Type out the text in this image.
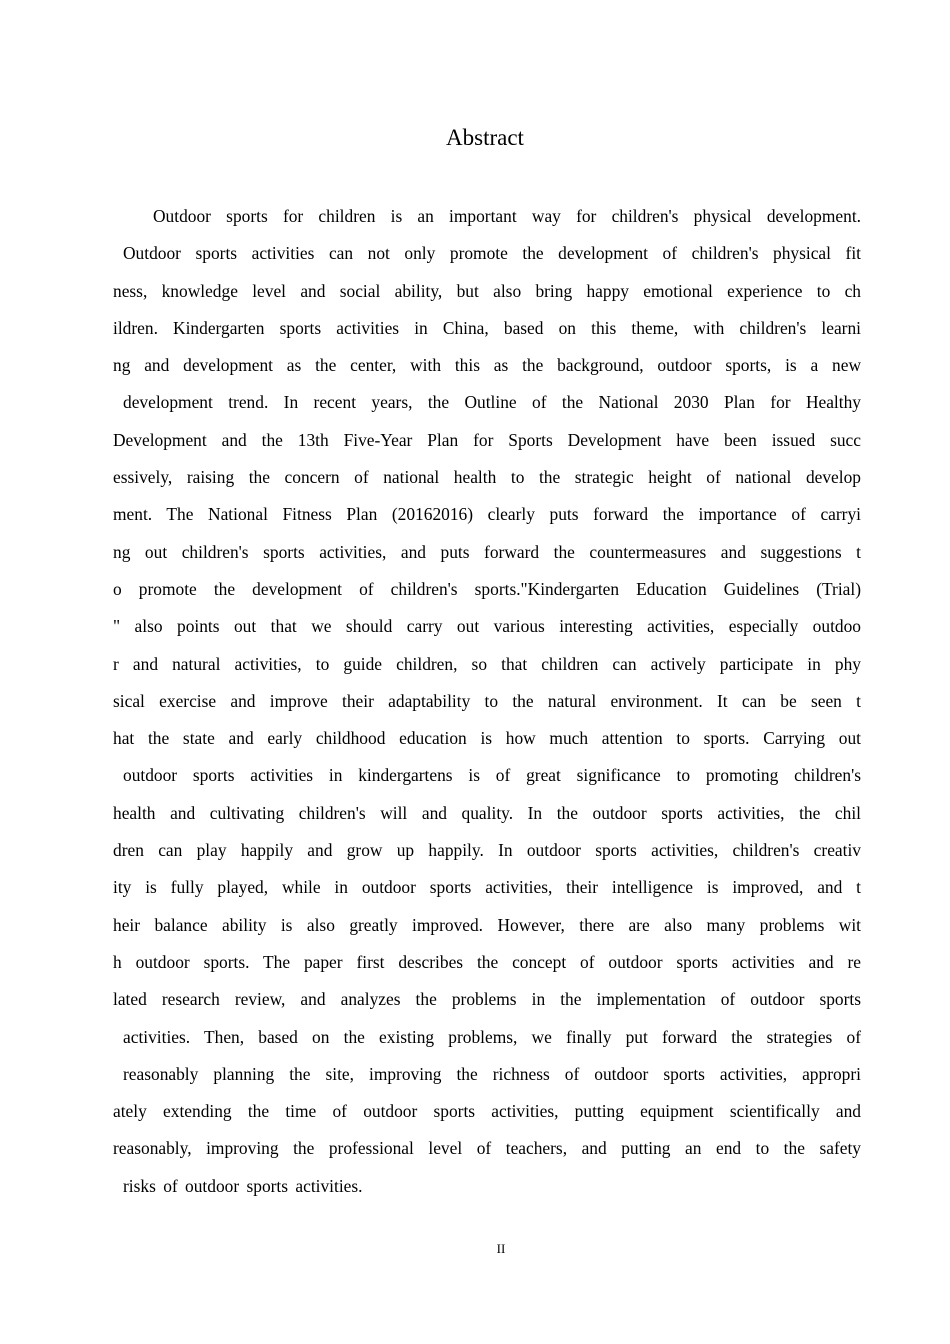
Abstract
Outdoor sports for children is an important way for children's physical development.
Outdoor sports activities can not only promote the development of children's physical fit
ness, knowledge level and social ability, but also bring happy emotional experience to ch
ildren. Kindergarten sports activities in China, based on this theme, with children's learni
ng and development as the center, with this as the background, outdoor sports, is a new
development trend. In recent years, the Outline of the National 2030 Plan for Healthy
Development and the 13th Five-Year Plan for Sports Development have been issued succ
essively, raising the concern of national health to the strategic height of national develop
ment. The National Fitness Plan (20162016) clearly puts forward the importance of carryi
ng out children's sports activities, and puts forward the countermeasures and suggestions t
o promote the development of children's sports."Kindergarten Education Guidelines (Trial)
" also points out that we should carry out various interesting activities, especially outdoo
r and natural activities, to guide children, so that children can actively participate in phy
sical exercise and improve their adaptability to the natural environment. It can be seen t
hat the state and early childhood education is how much attention to sports. Carrying out
outdoor sports activities in kindergartens is of great significance to promoting children's
health and cultivating children's will and quality. In the outdoor sports activities, the chil
dren can play happily and grow up happily. In outdoor sports activities, children's creativ
ity is fully played, while in outdoor sports activities, their intelligence is improved, and t
heir balance ability is also greatly improved. However, there are also many problems wit
h outdoor sports. The paper first describes the concept of outdoor sports activities and re
lated research review, and analyzes the problems in the implementation of outdoor sports
activities. Then, based on the existing problems, we finally put forward the strategies of
reasonably planning the site, improving the richness of outdoor sports activities, appropri
ately extending the time of outdoor sports activities, putting equipment scientifically and
reasonably, improving the professional level of teachers, and putting an end to the safety
risks of outdoor sports activities.
II
